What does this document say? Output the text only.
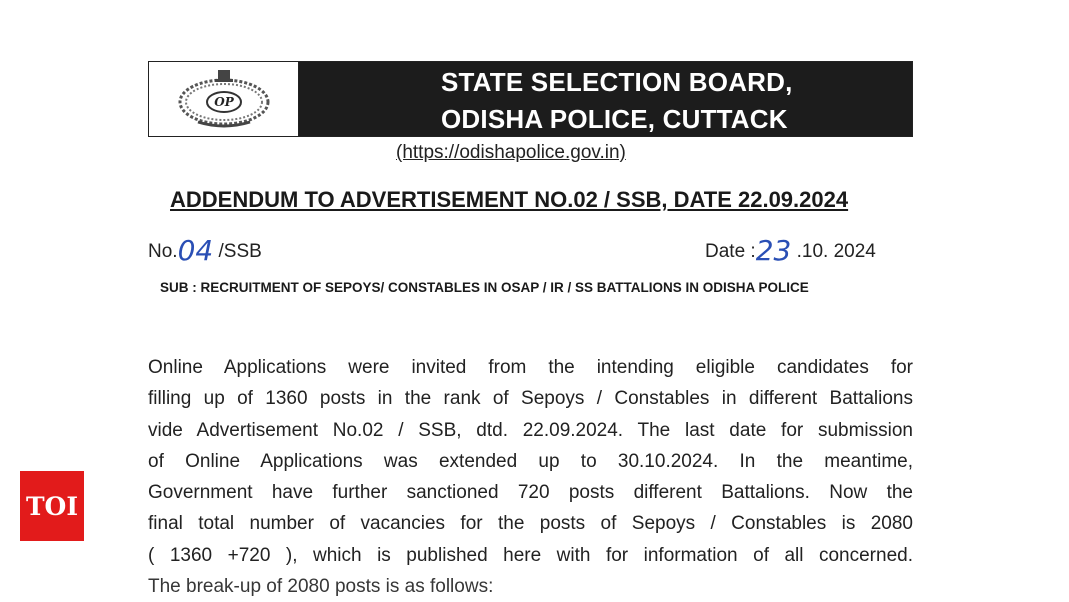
OP
STATE SELECTION BOARD,
ODISHA POLICE, CUTTACK
(https://odishapolice.gov.in)
ADDENDUM TO ADVERTISEMENT NO.02 / SSB, DATE 22.09.2024
No.04 /SSB	Date :23 .10. 2024
SUB : RECRUITMENT OF SEPOYS/ CONSTABLES IN OSAP / IR / SS BATTALIONS IN ODISHA POLICE
Online Applications were invited from the intending eligible candidates for
filling up of 1360 posts in the rank of Sepoys / Constables in different Battalions
vide Advertisement No.02 / SSB, dtd. 22.09.2024. The last date for submission
of Online Applications was extended up to 30.10.2024. In the meantime,
Government have further sanctioned 720 posts different Battalions. Now the
final total number of vacancies for the posts of Sepoys / Constables is 2080
( 1360 +720 ), which is published here with for information of all concerned.
The break-up of 2080 posts is as follows:
TOI
